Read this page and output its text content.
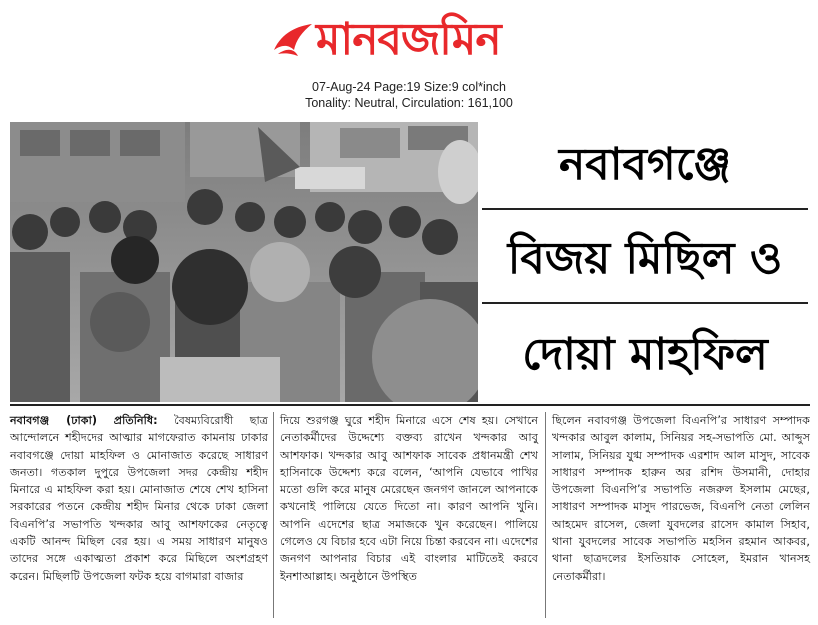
মানবজমিন
07-Aug-24 Page:19 Size:9 col*inch
Tonality: Neutral, Circulation: 161,100
নবাবগঞ্জে
বিজয় মিছিল ও
দোয়া মাহফিল
নবাবগঞ্জ (ঢাকা) প্রতিনিধি: বৈষম্যবিরোধী ছাত্র আন্দোলনে শহীদদের আত্মার মাগফেরাত কামনায় ঢাকার নবাবগঞ্জে দোয়া মাহফিল ও মোনাজাত করেছে সাধারণ জনতা। গতকাল দুপুরে উপজেলা সদর কেন্দ্রীয় শহীদ মিনারে এ মাহফিল করা হয়। মোনাজাত শেষে শেখ হাসিনা সরকারের পতনে কেন্দ্রীয় শহীদ মিনার থেকে ঢাকা জেলা বিএনপি’র সভাপতি খন্দকার আবু আশফাকের নেতৃত্বে একটি আনন্দ মিছিল বের হয়। এ সময় সাধারণ মানুষও তাদের সঙ্গে একাত্মতা প্রকাশ করে মিছিলে অংশগ্রহণ করেন। মিছিলটি উপজেলা ফটক হয়ে বাগমারা বাজার
দিয়ে শুরগঞ্জ ঘুরে শহীদ মিনারে এসে শেষ হয়। সেখানে নেতাকর্মীদের উদ্দেশ্যে বক্তব্য রাখেন খন্দকার আবু আশফাক। খন্দকার আবু আশফাক সাবেক প্রধানমন্ত্রী শেখ হাসিনাকে উদ্দেশ্য করে বলেন, ‘আপনি যেভাবে পাখির মতো গুলি করে মানুষ মেরেছেন জনগণ জানলে আপনাকে কখনোই পালিয়ে যেতে দিতো না। কারণ আপনি খুনি। আপনি এদেশের ছাত্র সমাজকে খুন করেছেন। পালিয়ে গেলেও যে বিচার হবে এটা নিয়ে চিন্তা করবেন না। এদেশের জনগণ আপনার বিচার এই বাংলার মাটিতেই করবে ইনশাআল্লাহ। অনুষ্ঠানে উপস্থিত
ছিলেন নবাবগঞ্জ উপজেলা বিএনপি’র সাধারণ সম্পাদক খন্দকার আবুল কালাম, সিনিয়র সহ-সভাপতি মো. আব্দুস সালাম, সিনিয়র যুগ্ম সম্পাদক এরশাদ আল মাসুদ, সাবেক সাধারণ সম্পাদক হারুন অর রশিদ উসমানী, দোহার উপজেলা বিএনপি’র সভাপতি নজরুল ইসলাম মেছের, সাধারণ সম্পাদক মাসুদ পারভেজ, বিএনপি নেতা লেলিন আহমেদ রাসেল, জেলা যুবদলের রাসেদ কামাল সিহাব, থানা যুবদলের সাবেক সভাপতি মহসিন রহমান আকবর, থানা ছাত্রদলের ইসতিয়াক সোহেল, ইমরান খানসহ নেতাকর্মীরা।
